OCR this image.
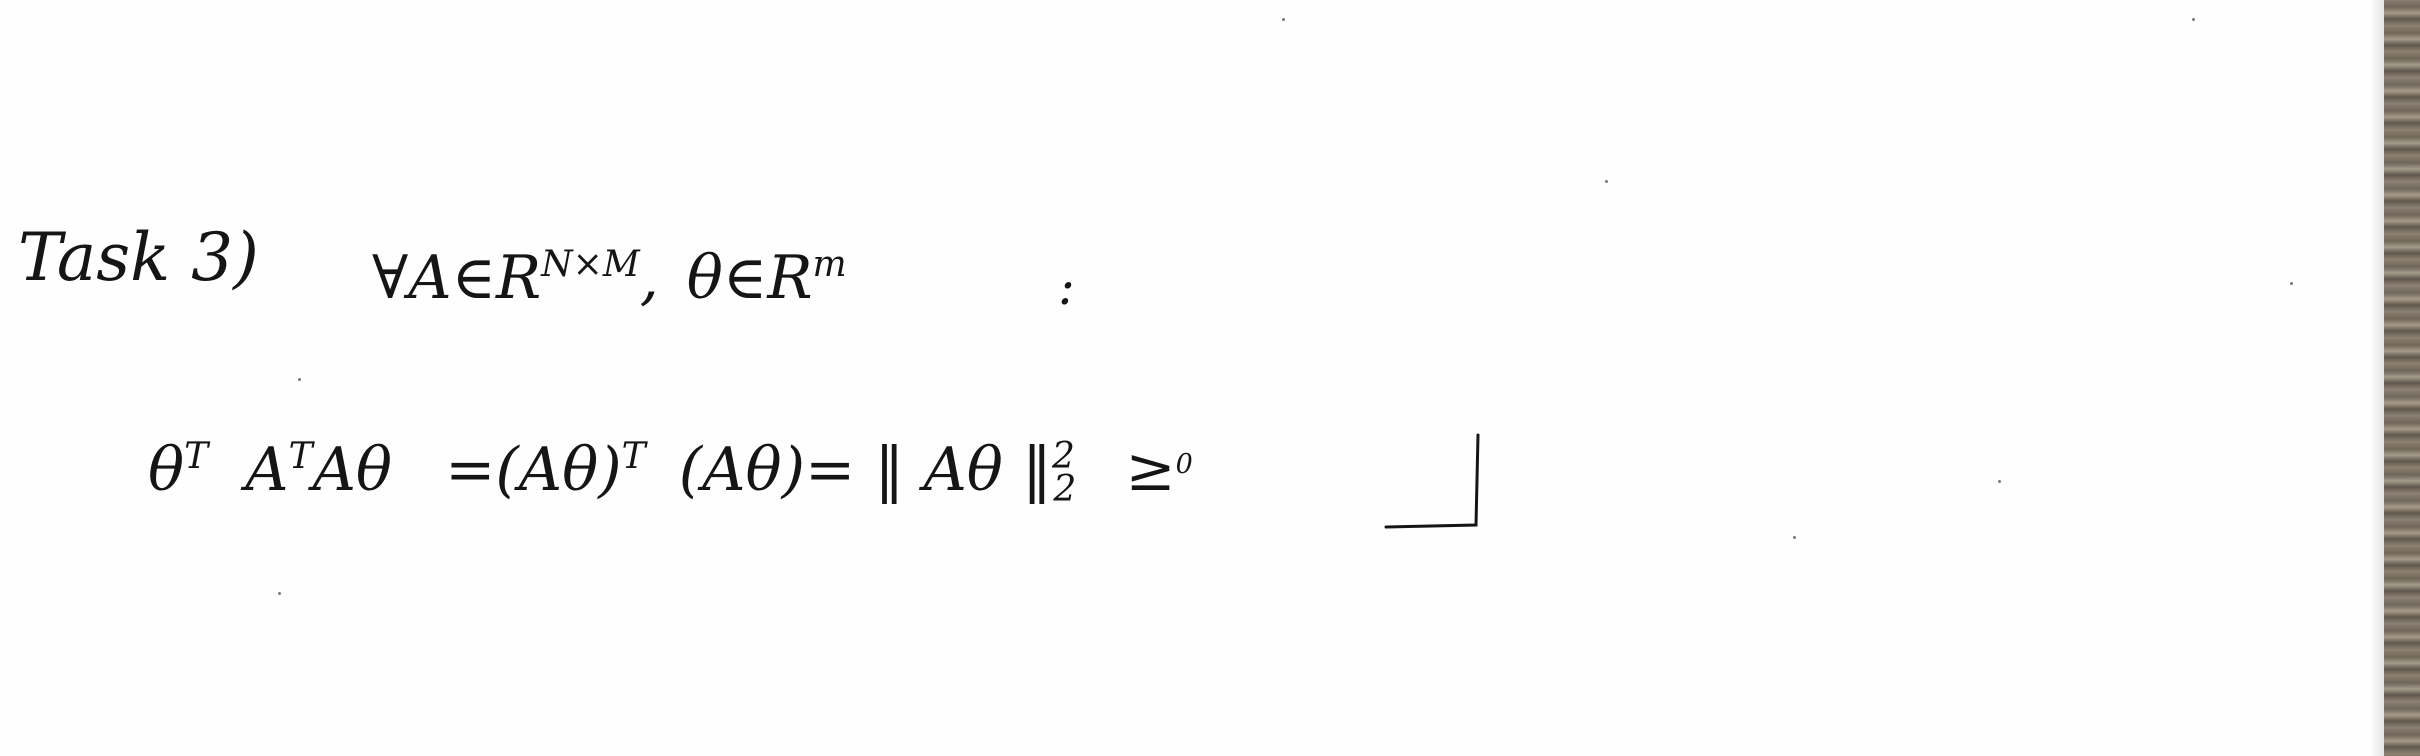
Task 3) $\forall A\in R^{N\times M}$, $\theta\in R^m$	:
$\theta^T$ $A^TA\theta =(A\theta)^T$ (Aθ)= ‖ Aθ ‖$^2$2 ≥$^0$
